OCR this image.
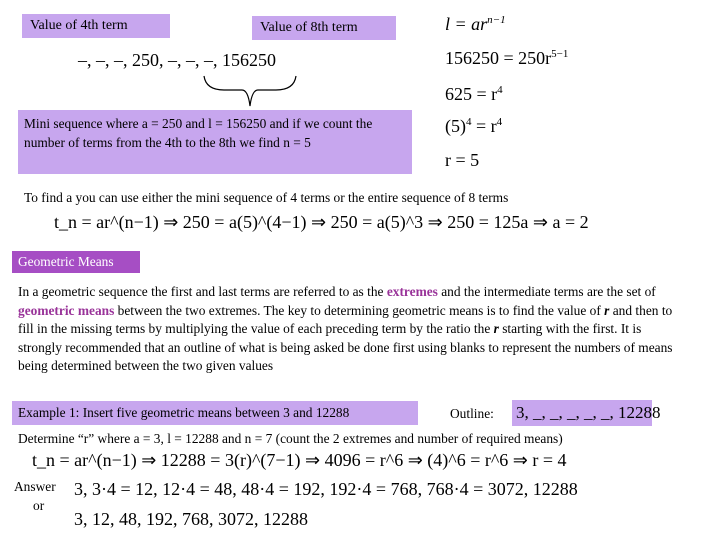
Value of 4th term	Value of 8th term
–, –, –, 250, –, –, –, 156250
Mini sequence where a = 250 and l = 156250 and if we count the number of terms from the 4th to the 8th we find n = 5
$l = ar^{n-1}$
$156250 = 250r^{5-1}$
$625 = r^4$
$(5)^4 = r^4$
r = 5
To find a you can use either the mini sequence of 4 terms or the entire sequence of 8 terms
t_n = ar^(n−1) ⇒ 250 = a(5)^(4−1) ⇒ 250 = a(5)^3 ⇒ 250 = 125a ⇒ a = 2
Geometric Means
In a geometric sequence the first and last terms are referred to as the extremes and the intermediate terms are the set of geometric means between the two extremes. The key to determining geometric means is to find the value of r and then to fill in the missing terms by multiplying the value of each preceding term by the ratio the r starting with the first. It is strongly recommended that an outline of what is being asked be done first using blanks to represent the numbers of means being determined between the two given values
Example 1: Insert five geometric means between 3 and 12288	Outline: 3, _, _, _, _, _, 12288
Determine “r” where a = 3, l = 12288 and n = 7 (count the 2 extremes and number of required means)
t_n = ar^(n−1) ⇒ 12288 = 3(r)^(7−1) ⇒ 4096 = r^6 ⇒ (4)^6 = r^6 ⇒ r = 4
Answer
or
3, 3·4 = 12, 12·4 = 48, 48·4 = 192, 192·4 = 768, 768·4 = 3072, 12288
3, 12, 48, 192, 768, 3072, 12288
